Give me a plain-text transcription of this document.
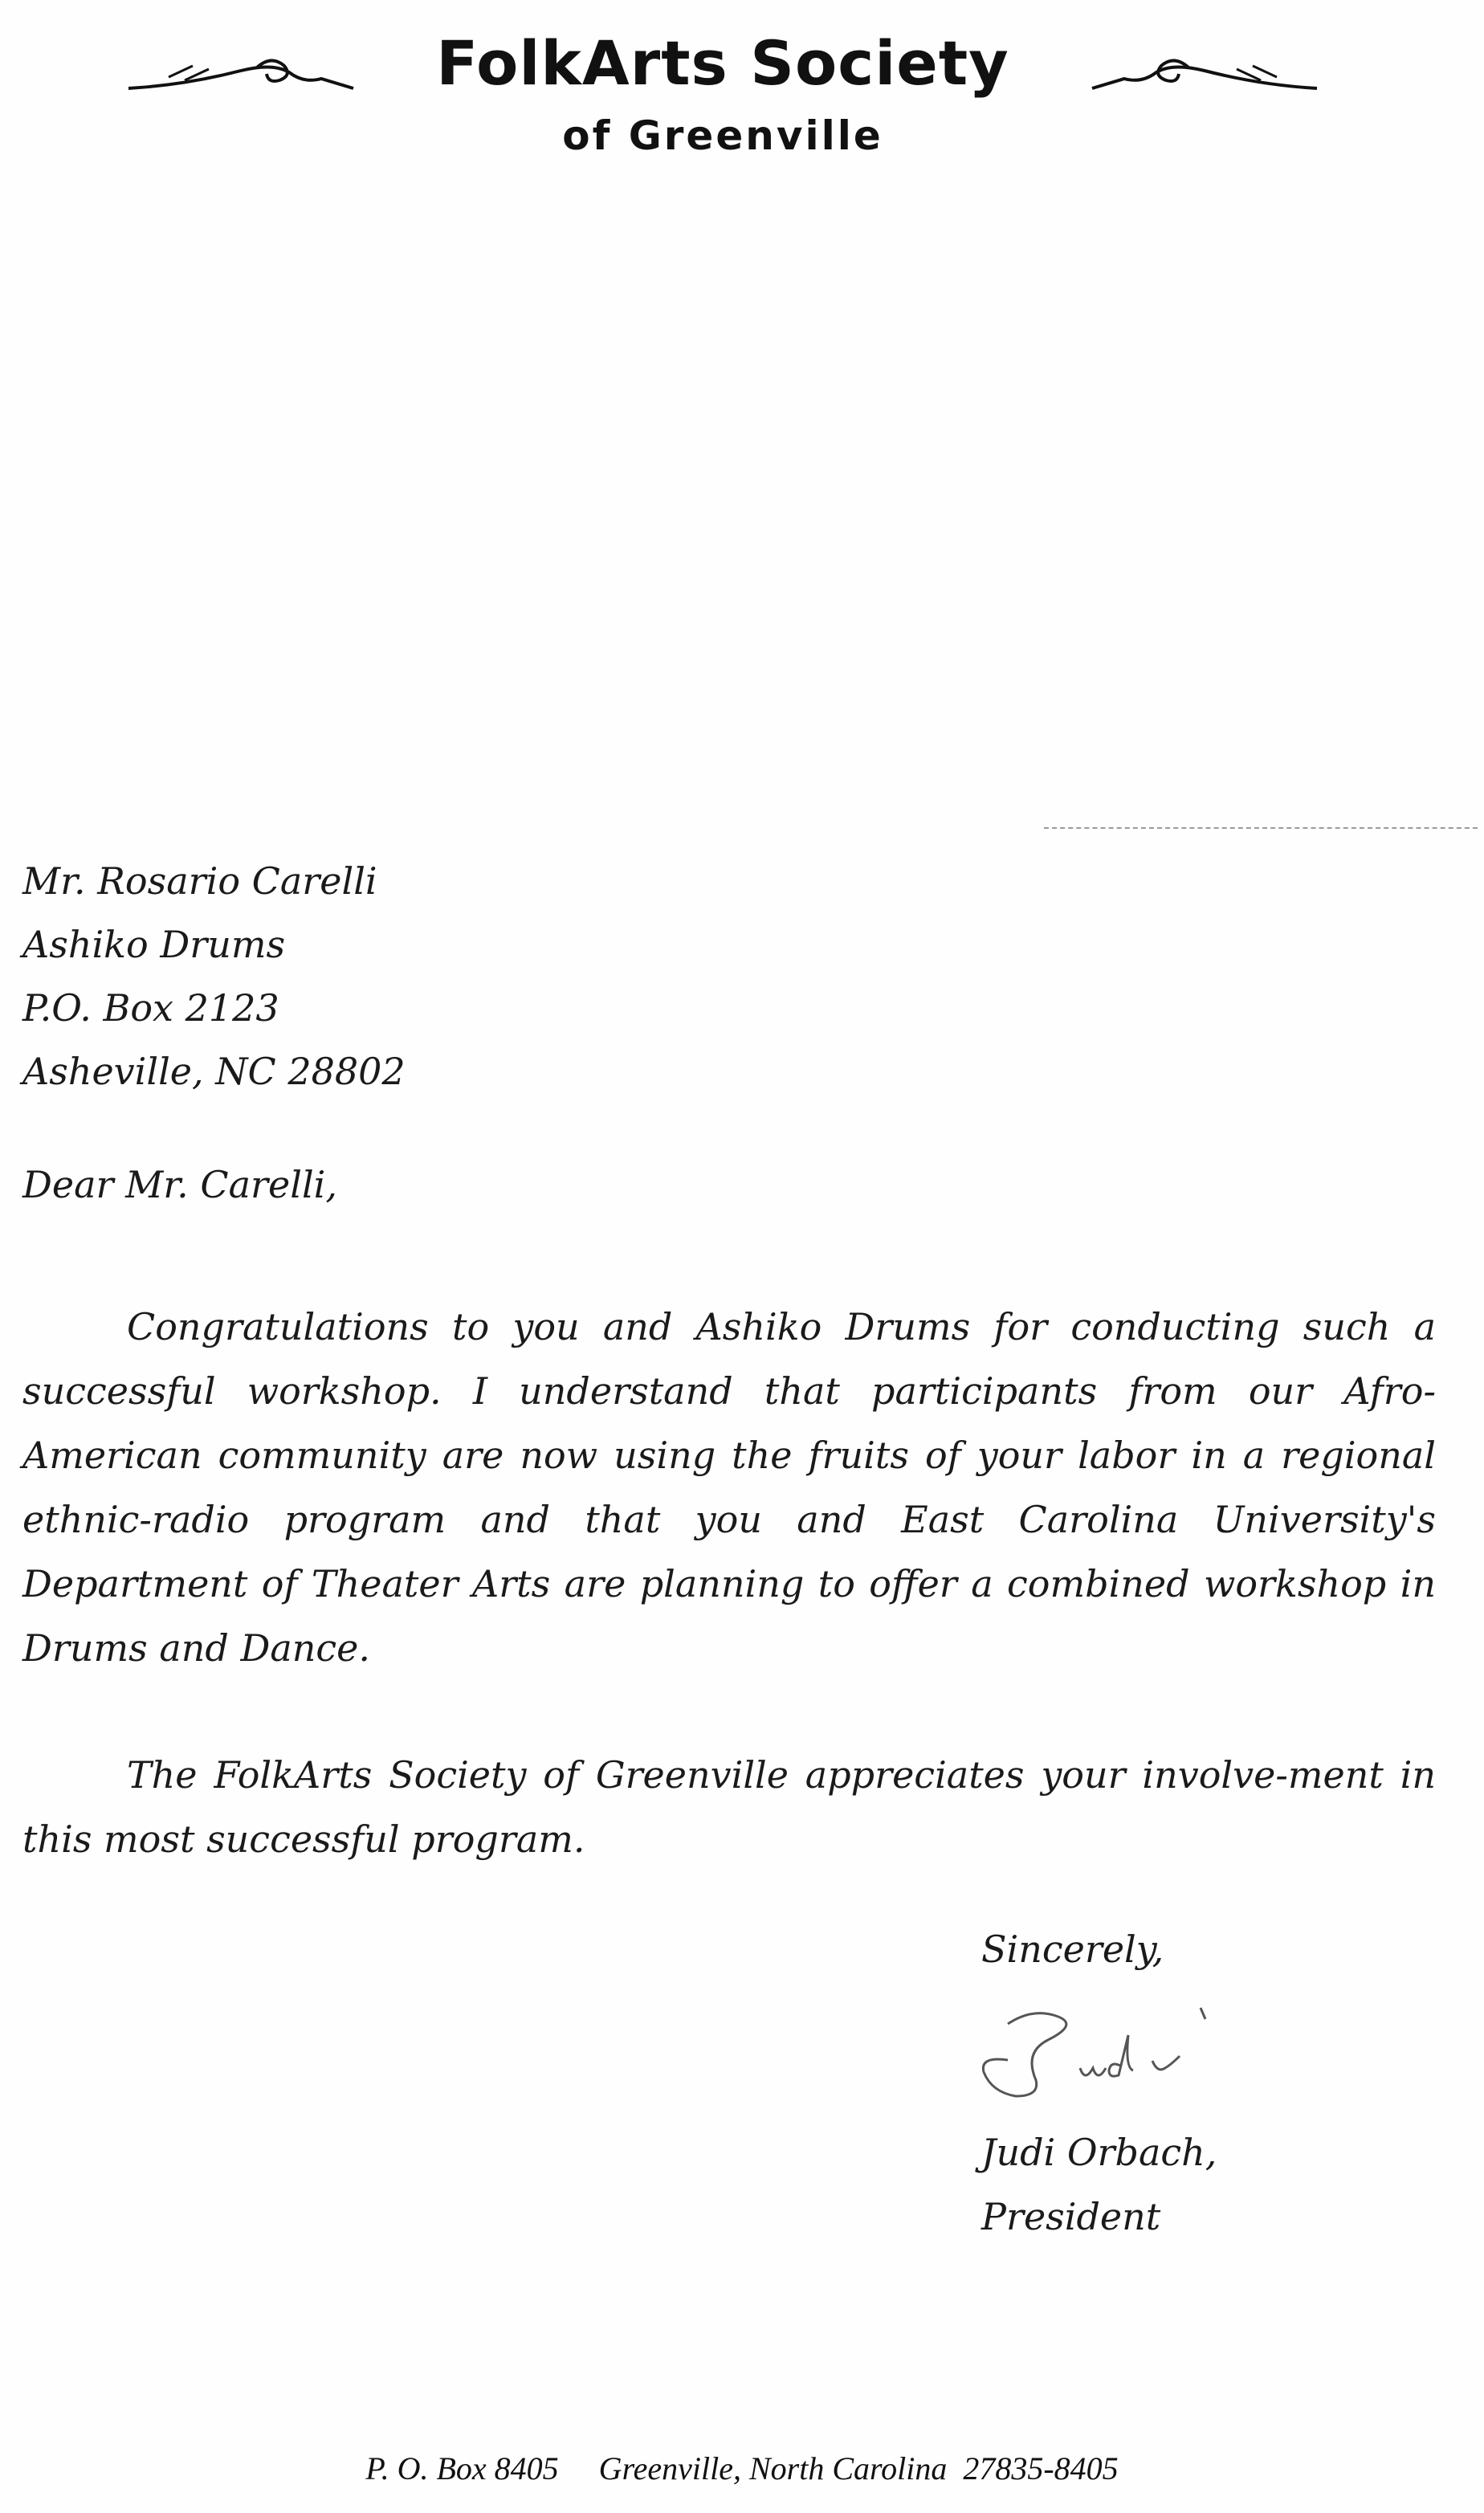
FolkArts Society
of Greenville
Mr. Rosario Carelli
Ashiko Drums
P.O. Box 2123
Asheville, NC 28802
Dear Mr. Carelli,

Congratulations to you and Ashiko Drums for conducting such a successful workshop. I understand that participants from our Afro-American community are now using the fruits of your labor in a regional ethnic-radio program and that you and East Carolina University's Department of Theater Arts are planning to offer a combined workshop in Drums and Dance.

The FolkArts Society of Greenville appreciates your involve-ment in this most successful program.

Sincerely,
Judi Orbach,
President
P. O. Box 8405     Greenville, North Carolina  27835-8405
